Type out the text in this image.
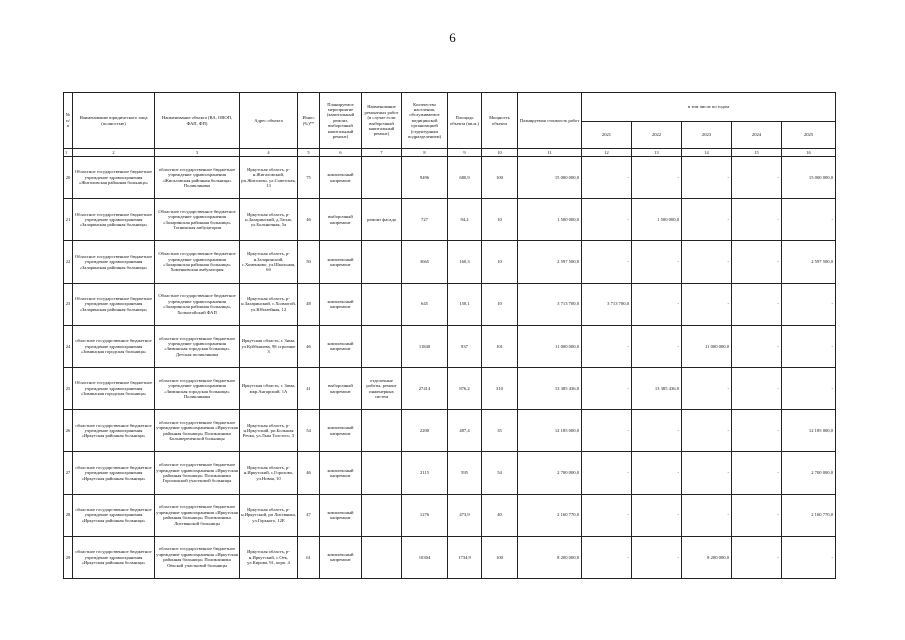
6
№ п/п	Наименование юридического лица (полностью)	Наименование объекта (ВА, ОВОП, ФАП, ФП)	Адрес объекта	Износ (%)**	Планируемое мероприятие (капитальный ремонт, выборочный капитальный ремонт)	Наименование ремонтных работ (в случае если выборочный капитальный ремонт)	Количество населения, обслуживаемое медицинской организацией (структурным подразделением)	Площадь объекта (кв.м.)	Мощность объекта	Планируемая стоимость работ	в том числе по годам				
											2021	2022	2023	2024	2025
1	2	3	4	5	6	7	8	9	10	11	12	13	14	15	16
20	Областное государственное бюджетное учреждение здравоохранения «Жигаловская районная больница»	областное государственное бюджетное учреждение здравоохранения «Жигаловская районная больница» Поликлиника	Иркутская область, р-н.Жигаловский, рп.Жигалово, ул.Советская, 13	75	комплексный капремонт		9496	680,9	100	15 000 000,0	-	-	-	-	15 000 000,0
21	Областное государственное бюджетное учреждение здравоохранения «Заларинская районная больница»	Областное государственное бюджетное учреждение здравоохранения «Заларинская районная больница» Тагнинская амбулатория	Иркутская область, р-н.Заларинский, д.Тагна, ул.Больничная, 5а	46	выборочный капремонт	ремонт фасада	727	94,2	10	1 500 000,0	-	1 500 000,0	-	-	-
22	Областное государственное бюджетное учреждение здравоохранения «Заларинская районная больница»	Областное государственное бюджетное учреждение здравоохранения «Заларинская районная больница» Хоменковская амбулатория	Иркутская область, р-н.Заларинский, с.Хоменково, ул.Школьная, 6б	50	комплексный капремонт		3665	160,3	10	2 597 500,0	-	-	-	-	2 597 500,0
23	Областное государственное бюджетное учреждение здравоохранения «Заларинская районная больница»	Областное государственное бюджетное учреждение здравоохранения «Заларинская районная больница» Холмогойский ФАП	Иркутская область, р-н.Заларинский, с.Холмогой, ул.Юбилейная, 12	48	комплексный капремонт		645	150,1	10	3 713 700,0	3 713 700,0	-	-	-	-
24	областное государственное бюджетное учреждение здравоохранения «Зиминская городская больница»	областное государственное бюджетное учреждение здравоохранения «Зиминская городская больница» Детская поликлиника	Иркутская область, г. Зима, ул.Куйбышева, 98 строение 3	46	комплексный капремонт		11840	937	101	11 000 000,0	-	-	11 000 000,0	-	-
25	Областное государственное бюджетное учреждение здравоохранения «Зиминская городская больница»	областное государственное бюджетное учреждение здравоохранения «Зиминская городская больница» Поликлиника	Иркутская область, г. Зима, мкр.Ангарский, 1А	41	выборочный капремонт	отделочные работы, ремонт инженерных систем	27414	876,2	310	13 385 436,0	-	13 385 436,0	-	-	-
26	областное государственное бюджетное учреждение здравоохранения «Иркутская районная больница»	областное государственное бюджетное учреждение здравоохранения «Иркутская районная больница» Поликлиника Большереченской больницы	Иркутская область, р-н.Иркутский, рп.Большая Речка, ул.Льва Толстого, 3	54	комплексный капремонт		2200	487,4	35	12 185 000,0	-	-	-	-	12 185 000,0
27	областное государственное бюджетное учреждение здравоохранения «Иркутская районная больница»	областное государственное бюджетное учреждение здравоохранения «Иркутская районная больница» Поликлиника Горохинской участковой больницы	Иркутская область, р-н.Иркутский, с.Горохово, ул.Новая, 10	46	комплексный капремонт		2115	595	54	2 700 000,0	-	-	-	-	2 700 000,0
28	областное государственное бюджетное учреждение здравоохранения «Иркутская районная больница»	областное государственное бюджетное учреждение здравоохранения «Иркутская районная больница» Поликлиника Листвянской больницы	Иркутская область, р-н.Иркутский, рп Листвянка, ул.Горького, 12Е	47	комплексный капремонт		1276	473,9	40	2 160 770,0	-	-	-	-	2 160 770,0
29	областное государственное бюджетное учреждение здравоохранения «Иркутская районная больница»	областное государственное бюджетное учреждение здравоохранения «Иркутская районная больница» Поликлиника Оёкской участковой больницы	Иркутская область, р-н.Иркутский, с.Оек, ул.Кирова, 91, корп. 4	61	комплексный капремонт		10304	1734,9	100	8 200 000,0	-	-	8 200 000,0	-	-
